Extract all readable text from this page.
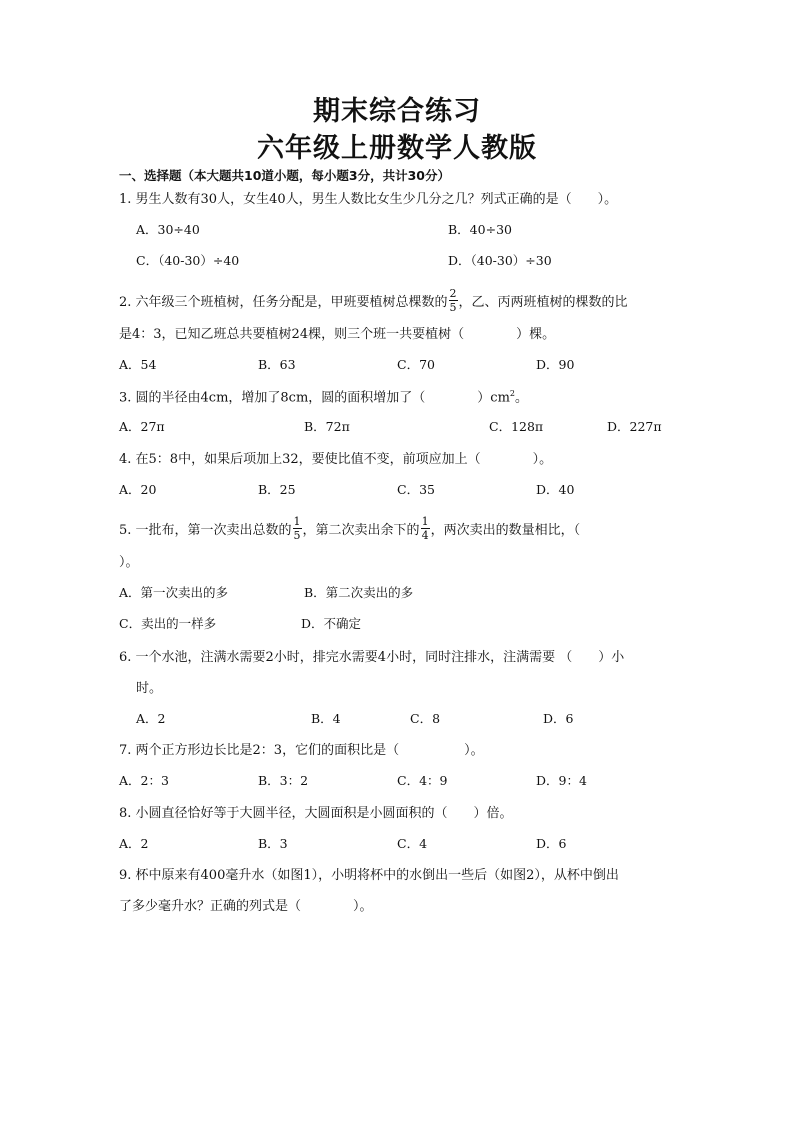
期末综合练习
六年级上册数学人教版
一、选择题（本大题共10道小题，每小题3分，共计30分）
1. 男生人数有30人，女生40人，男生人数比女生少几分之几？列式正确的是（　　）。
A．30÷40	B．40÷30
C．（40-30）÷40	D．（40-30）÷30
2. 六年级三个班植树，任务分配是，甲班要植树总棵数的 $\frac{2}{5}$ ，乙、丙两班植树的棵数的比
是4：3，已知乙班总共要植树24棵，则三个班一共要植树（　　　　）棵。
A．54	B．63	C．70	D．90
3. 圆的半径由4cm，增加了8cm，圆的面积增加了（　　　　）$cm^2$。
A．27π	B．72π	C．128π	D．227π
4. 在5：8中，如果后项加上32，要使比值不变，前项应加上（　　　　）。
A．20	B．25	C．35	D．40
5. 一批布，第一次卖出总数的 $\frac{1}{5}$ ，第二次卖出余下的 $\frac{1}{4}$ ，两次卖出的数量相比，（
）。
A．第一次卖出的多	B．第二次卖出的多
C．卖出的一样多	D．不确定
6. 一个水池，注满水需要2小时，排完水需要4小时，同时注排水，注满需要 （　　）小
时。
A．2	B．4	C．8	D．6
7. 两个正方形边长比是2：3，它们的面积比是（　　　　　）。
A．2：3	B．3：2	C．4：9	D．9：4
8. 小圆直径恰好等于大圆半径，大圆面积是小圆面积的（　　）倍。
A．2	B．3	C．4	D．6
9. 杯中原来有400毫升水（如图1），小明将杯中的水倒出一些后（如图2），从杯中倒出
了多少毫升水？正确的列式是（　　　　）。
